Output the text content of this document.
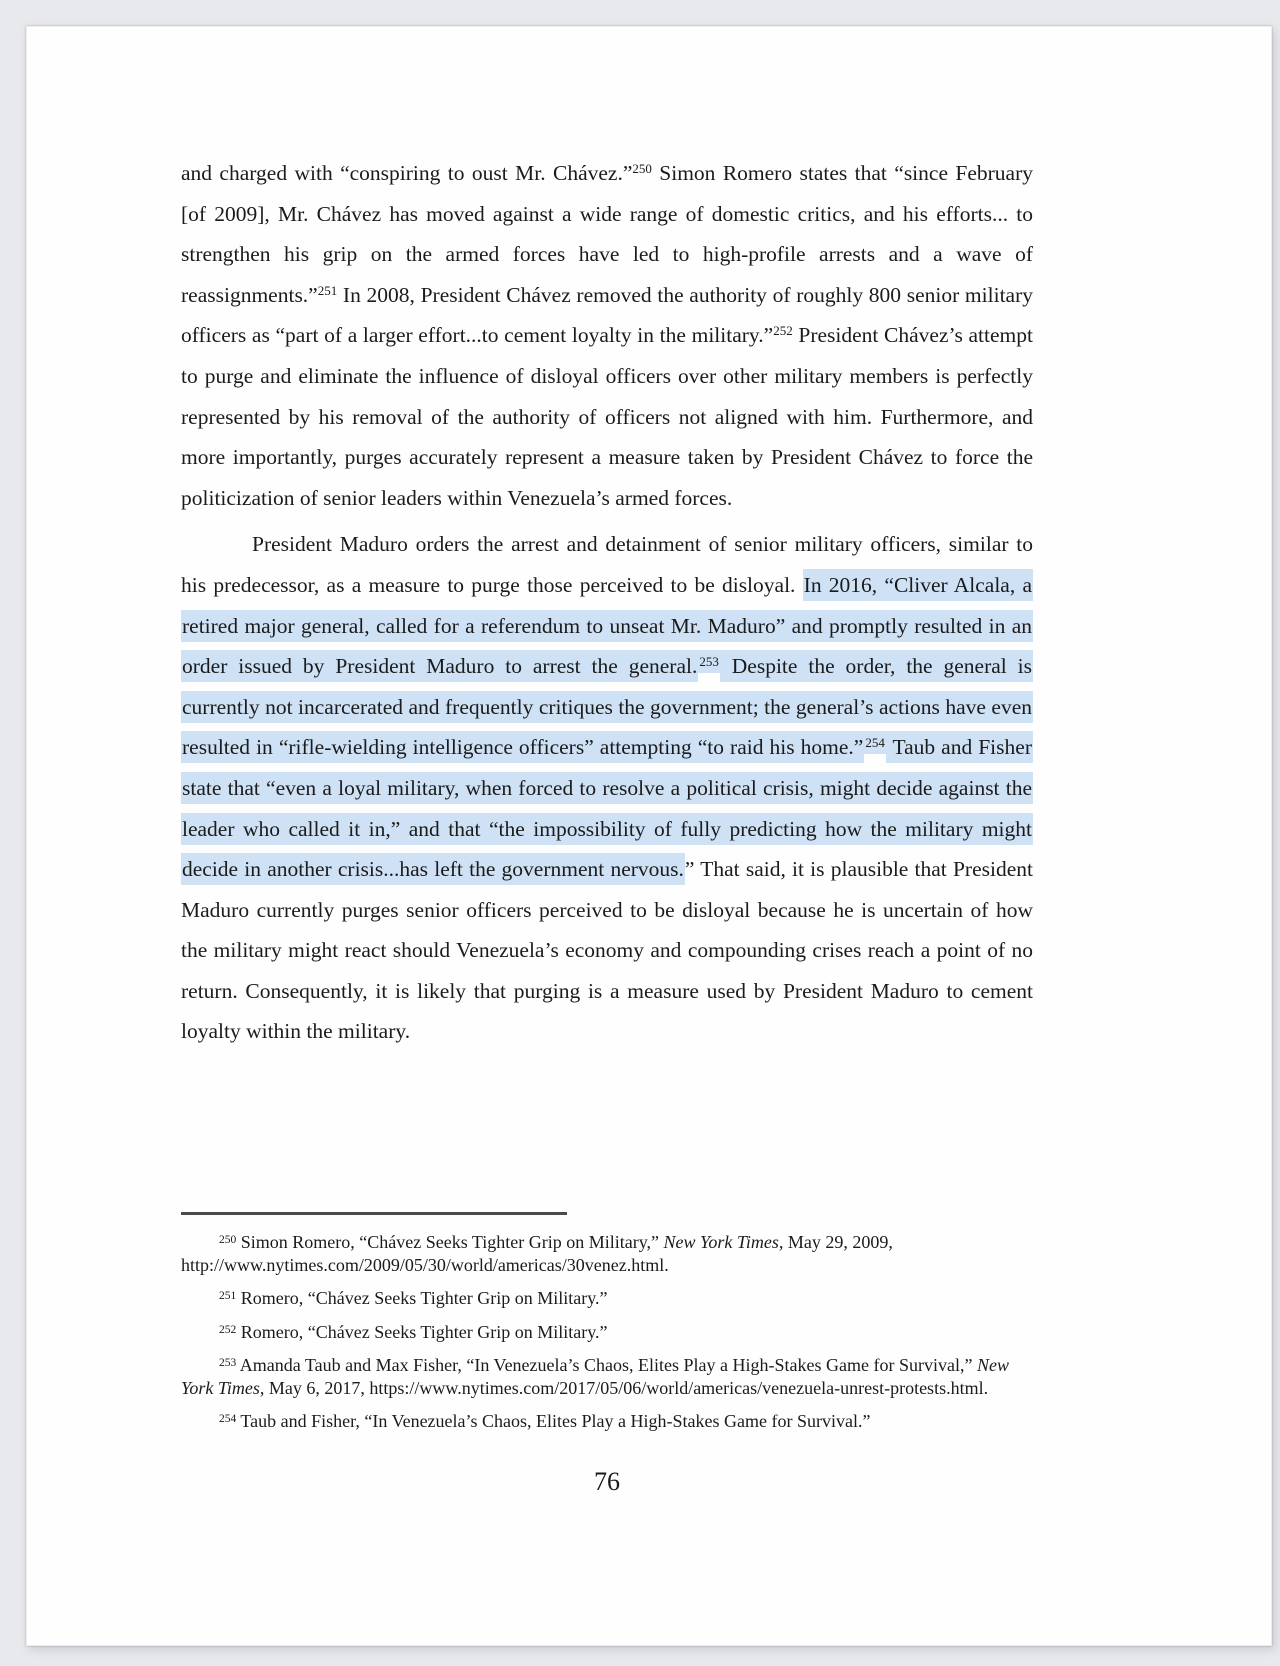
and charged with “conspiring to oust Mr. Chávez.”$^{250}$ Simon Romero states that “since February [of 2009], Mr. Chávez has moved against a wide range of domestic critics, and his efforts... to strengthen his grip on the armed forces have led to high-profile arrests and a wave of reassignments.”$^{251}$ In 2008, President Chávez removed the authority of roughly 800 senior military officers as “part of a larger effort...to cement loyalty in the military.”$^{252}$ President Chávez’s attempt to purge and eliminate the influence of disloyal officers over other military members is perfectly represented by his removal of the authority of officers not aligned with him. Furthermore, and more importantly, purges accurately represent a measure taken by President Chávez to force the politicization of senior leaders within Venezuela’s armed forces.

President Maduro orders the arrest and detainment of senior military officers, similar to his predecessor, as a measure to purge those perceived to be disloyal. In 2016, “Cliver Alcala, a retired major general, called for a referendum to unseat Mr. Maduro” and promptly resulted in an order issued by President Maduro to arrest the general. $^{253}$ Despite the order, the general is currently not incarcerated and frequently critiques the government; the general’s actions have even resulted in “rifle-wielding intelligence officers” attempting “to raid his home.” $^{254}$ Taub and Fisher state that “even a loyal military, when forced to resolve a political crisis, might decide against the leader who called it in,” and that “the impossibility of fully predicting how the military might decide in another crisis...has left the government nervous.” That said, it is plausible that President Maduro currently purges senior officers perceived to be disloyal because he is uncertain of how the military might react should Venezuela’s economy and compounding crises reach a point of no return. Consequently, it is likely that purging is a measure used by President Maduro to cement loyalty within the military.

$^{250}$ Simon Romero, “Chávez Seeks Tighter Grip on Military,” New York Times, May 29, 2009, http://www.nytimes.com/2009/05/30/world/americas/30venez.html.

$^{251}$ Romero, “Chávez Seeks Tighter Grip on Military.”

$^{252}$ Romero, “Chávez Seeks Tighter Grip on Military.”

$^{253}$ Amanda Taub and Max Fisher, “In Venezuela’s Chaos, Elites Play a High-Stakes Game for Survival,” New York Times, May 6, 2017, https://www.nytimes.com/2017/05/06/world/americas/venezuela-unrest-protests.html.

$^{254}$ Taub and Fisher, “In Venezuela’s Chaos, Elites Play a High-Stakes Game for Survival.”

76
